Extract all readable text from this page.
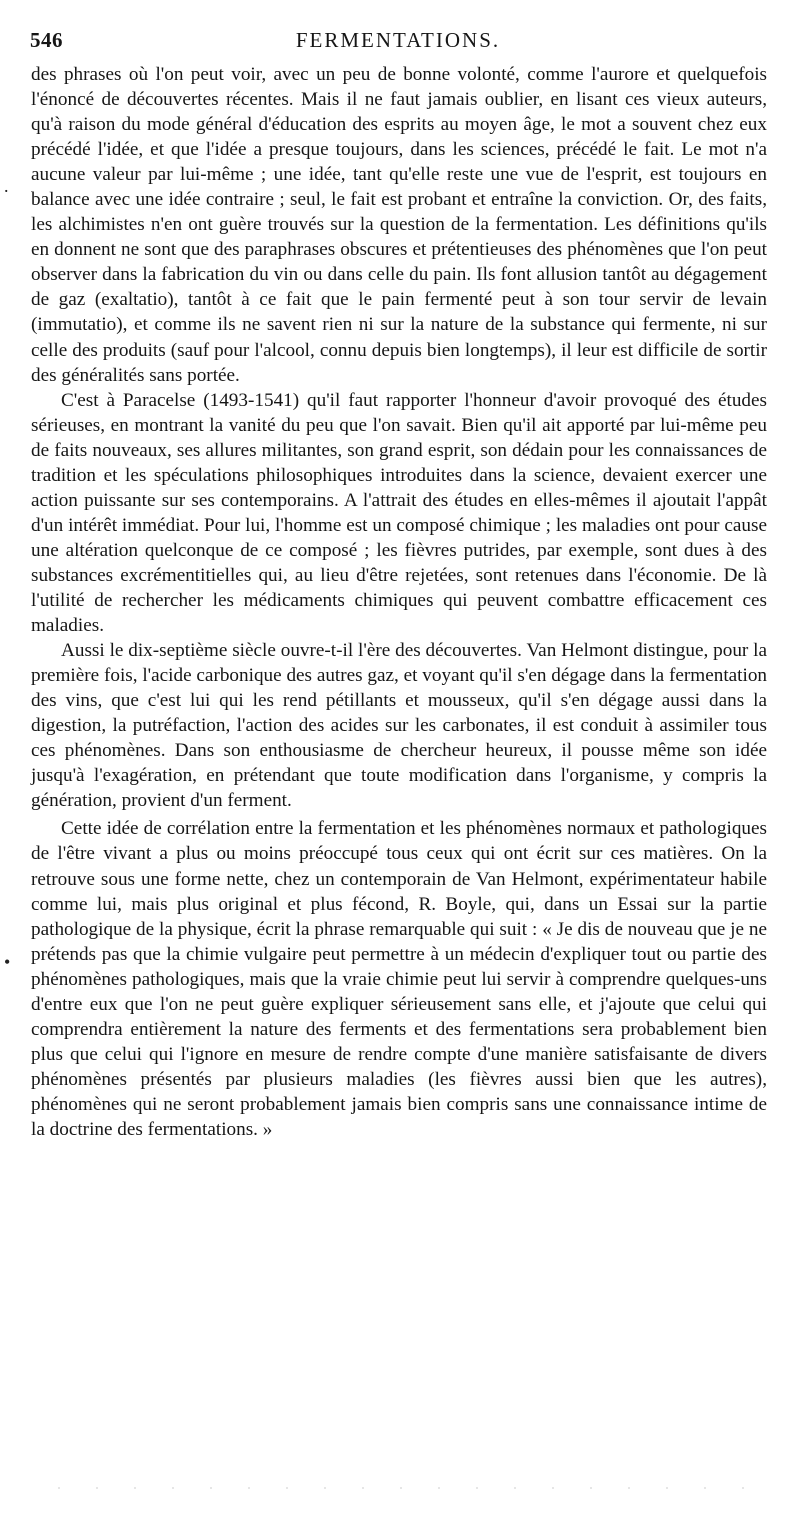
546	FERMENTATIONS.
.
•

des phrases où l'on peut voir, avec un peu de bonne volonté, comme l'aurore et quelquefois l'énoncé de découvertes récentes. Mais il ne faut jamais oublier, en lisant ces vieux auteurs, qu'à raison du mode général d'éducation des esprits au moyen âge, le mot a souvent chez eux précédé l'idée, et que l'idée a presque toujours, dans les sciences, précédé le fait. Le mot n'a aucune valeur par lui-même ; une idée, tant qu'elle reste une vue de l'esprit, est toujours en balance avec une idée contraire ; seul, le fait est probant et entraîne la conviction. Or, des faits, les alchimistes n'en ont guère trouvés sur la question de la fermentation. Les définitions qu'ils en donnent ne sont que des paraphrases obscures et prétentieuses des phénomènes que l'on peut observer dans la fabrication du vin ou dans celle du pain. Ils font allusion tantôt au dégagement de gaz (exaltatio), tantôt à ce fait que le pain fermenté peut à son tour servir de levain (immutatio), et comme ils ne savent rien ni sur la nature de la substance qui fermente, ni sur celle des produits (sauf pour l'alcool, connu depuis bien longtemps), il leur est difficile de sortir des généralités sans portée.

C'est à Paracelse (1493-1541) qu'il faut rapporter l'honneur d'avoir provoqué des études sérieuses, en montrant la vanité du peu que l'on savait. Bien qu'il ait apporté par lui-même peu de faits nouveaux, ses allures militantes, son grand esprit, son dédain pour les connaissances de tradition et les spéculations philosophiques introduites dans la science, devaient exercer une action puissante sur ses contemporains. A l'attrait des études en elles-mêmes il ajoutait l'appât d'un intérêt immédiat. Pour lui, l'homme est un composé chimique ; les maladies ont pour cause une altération quelconque de ce composé ; les fièvres putrides, par exemple, sont dues à des substances excrémentitielles qui, au lieu d'être rejetées, sont retenues dans l'économie. De là l'utilité de rechercher les médicaments chimiques qui peuvent combattre efficacement ces maladies.

Aussi le dix-septième siècle ouvre-t-il l'ère des découvertes. Van Helmont distingue, pour la première fois, l'acide carbonique des autres gaz, et voyant qu'il s'en dégage dans la fermentation des vins, que c'est lui qui les rend pétillants et mousseux, qu'il s'en dégage aussi dans la digestion, la putréfaction, l'action des acides sur les carbonates, il est conduit à assimiler tous ces phénomènes. Dans son enthousiasme de chercheur heureux, il pousse même son idée jusqu'à l'exagération, en prétendant que toute modification dans l'organisme, y compris la génération, provient d'un ferment.

Cette idée de corrélation entre la fermentation et les phénomènes normaux et pathologiques de l'être vivant a plus ou moins préoccupé tous ceux qui ont écrit sur ces matières. On la retrouve sous une forme nette, chez un contemporain de Van Helmont, expérimentateur habile comme lui, mais plus original et plus fécond, R. Boyle, qui, dans un Essai sur la partie pathologique de la physique, écrit la phrase remarquable qui suit : « Je dis de nouveau que je ne prétends pas que la chimie vulgaire peut permettre à un médecin d'expliquer tout ou partie des phénomènes pathologiques, mais que la vraie chimie peut lui servir à comprendre quelques-uns d'entre eux que l'on ne peut guère expliquer sérieusement sans elle, et j'ajoute que celui qui comprendra entièrement la nature des ferments et des fermentations sera probablement bien plus que celui qui l'ignore en mesure de rendre compte d'une manière satisfaisante de divers phénomènes présentés par plusieurs maladies (les fièvres aussi bien que les autres), phénomènes qui ne seront probablement jamais bien compris sans une connaissance intime de la doctrine des fermentations. »
